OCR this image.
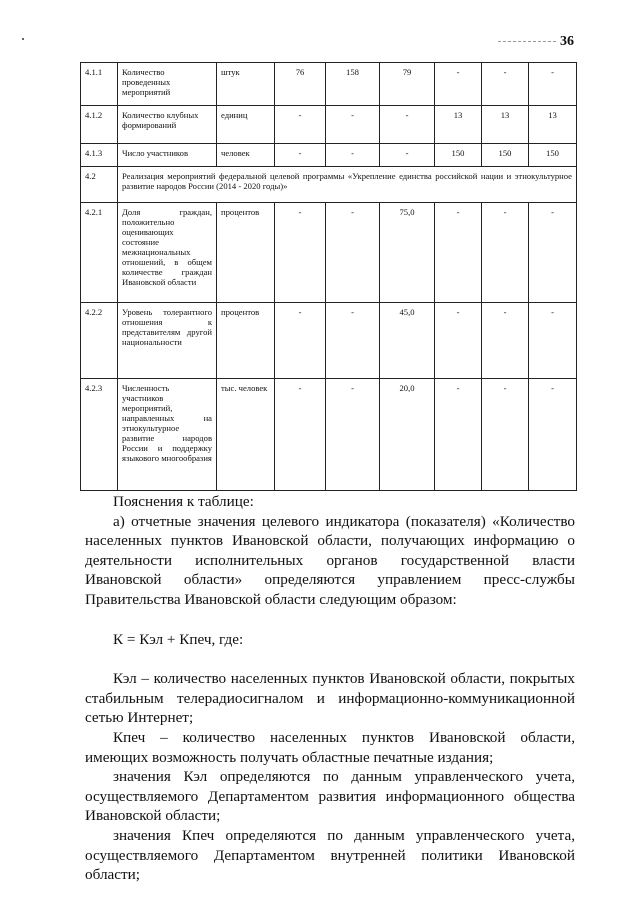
36
4.1.1	Количество проведенных мероприятий	штук	76	158	79	-	-	-
4.1.2	Количество клубных формирований	единиц	-	-	-	13	13	13
4.1.3	Число участников	человек	-	-	-	150	150	150
4.2	Реализация мероприятий федеральной целевой программы «Укрепление единства российской нации и этнокультурное развитие народов России (2014 - 2020 годы)»							
4.2.1	Доля граждан, положительно оценивающих состояние межнациональных отношений, в общем количестве граждан Ивановской области	процентов	-	-	75,0	-	-	-
4.2.2	Уровень толерантного отношения к представителям другой национальности	процентов	-	-	45,0	-	-	-
4.2.3	Численность участников мероприятий, направленных на этнокультурное развитие народов России и поддержку языкового многообразия	тыс. человек	-	-	20,0	-	-	-

Пояснения к таблице:

а) отчетные значения целевого индикатора (показателя) «Количество населенных пунктов Ивановской области, получающих информацию о деятельности исполнительных органов государственной власти Ивановской области» определяются управлением пресс-службы Правительства Ивановской области следующим образом:

К = Кэл + Кпеч, где:

Кэл – количество населенных пунктов Ивановской области, покрытых стабильным телерадиосигналом и информационно-коммуникационной сетью Интернет;

Кпеч – количество населенных пунктов Ивановской области, имеющих возможность получать областные печатные издания;

значения Кэл определяются по данным управленческого учета, осуществляемого Департаментом развития информационного общества Ивановской области;

значения Кпеч определяются по данным управленческого учета, осуществляемого Департаментом внутренней политики Ивановской области;
